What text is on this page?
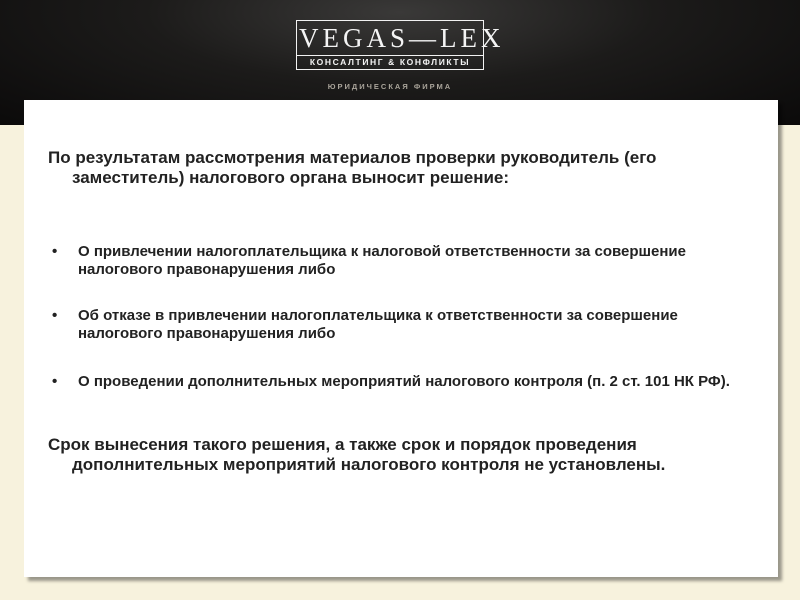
VEGAS—LEX
КОНСАЛТИНГ & КОНФЛИКТЫ
ЮРИДИЧЕСКАЯ ФИРМА

По результатам рассмотрения материалов проверки руководитель (его заместитель) налогового органа выносит решение:

• О привлечении налогоплательщика к налоговой ответственности за совершение налогового правонарушения либо
• Об отказе в привлечении налогоплательщика к ответственности за совершение налогового правонарушения либо
• О проведении дополнительных мероприятий налогового контроля (п. 2 ст. 101 НК РФ).

Срок вынесения такого решения, а также срок и порядок проведения дополнительных мероприятий налогового контроля не установлены.
